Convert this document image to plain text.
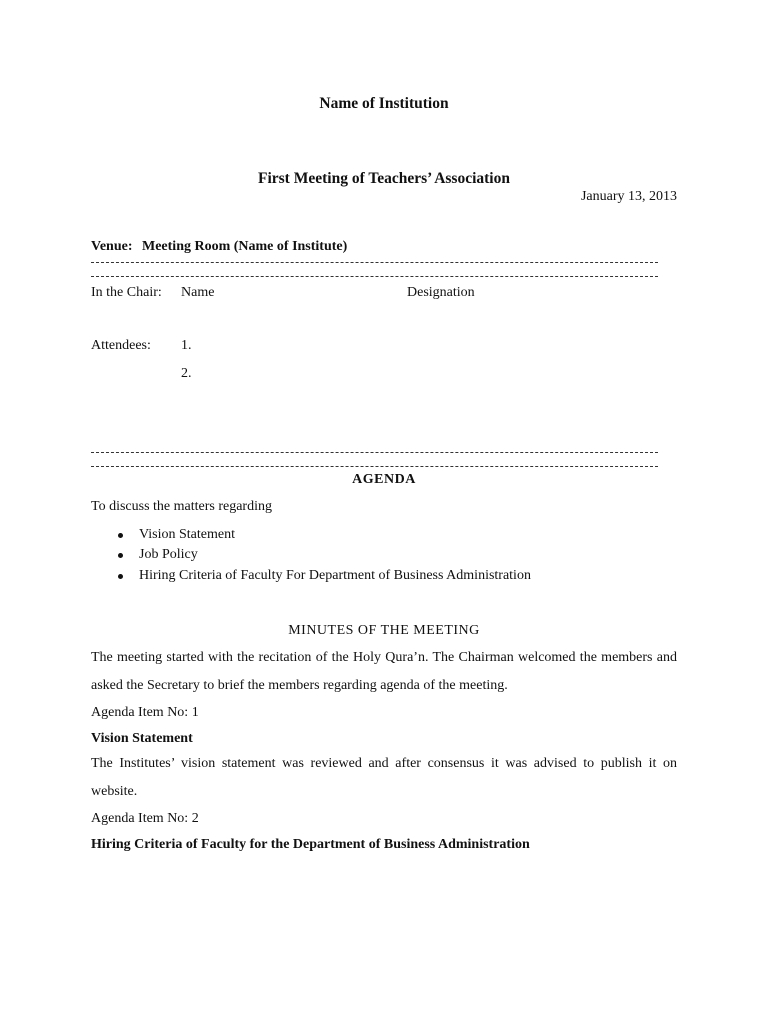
Name of Institution
First Meeting of Teachers’ Association
January 13, 2013
Venue: Meeting Room (Name of Institute)
In the Chair: Name	Designation
Attendees: 1.
2.
AGENDA
To discuss the matters regarding
Vision Statement
Job Policy
Hiring Criteria of Faculty For Department of Business Administration
MINUTES OF THE MEETING
The meeting started with the recitation of the Holy Qura’n. The Chairman welcomed the members and asked the Secretary to brief the members regarding agenda of the meeting.
Agenda Item No: 1
Vision Statement
The Institutes’ vision statement was reviewed and after consensus it was advised to publish it on website.
Agenda Item No: 2
Hiring Criteria of Faculty for the Department of Business Administration
